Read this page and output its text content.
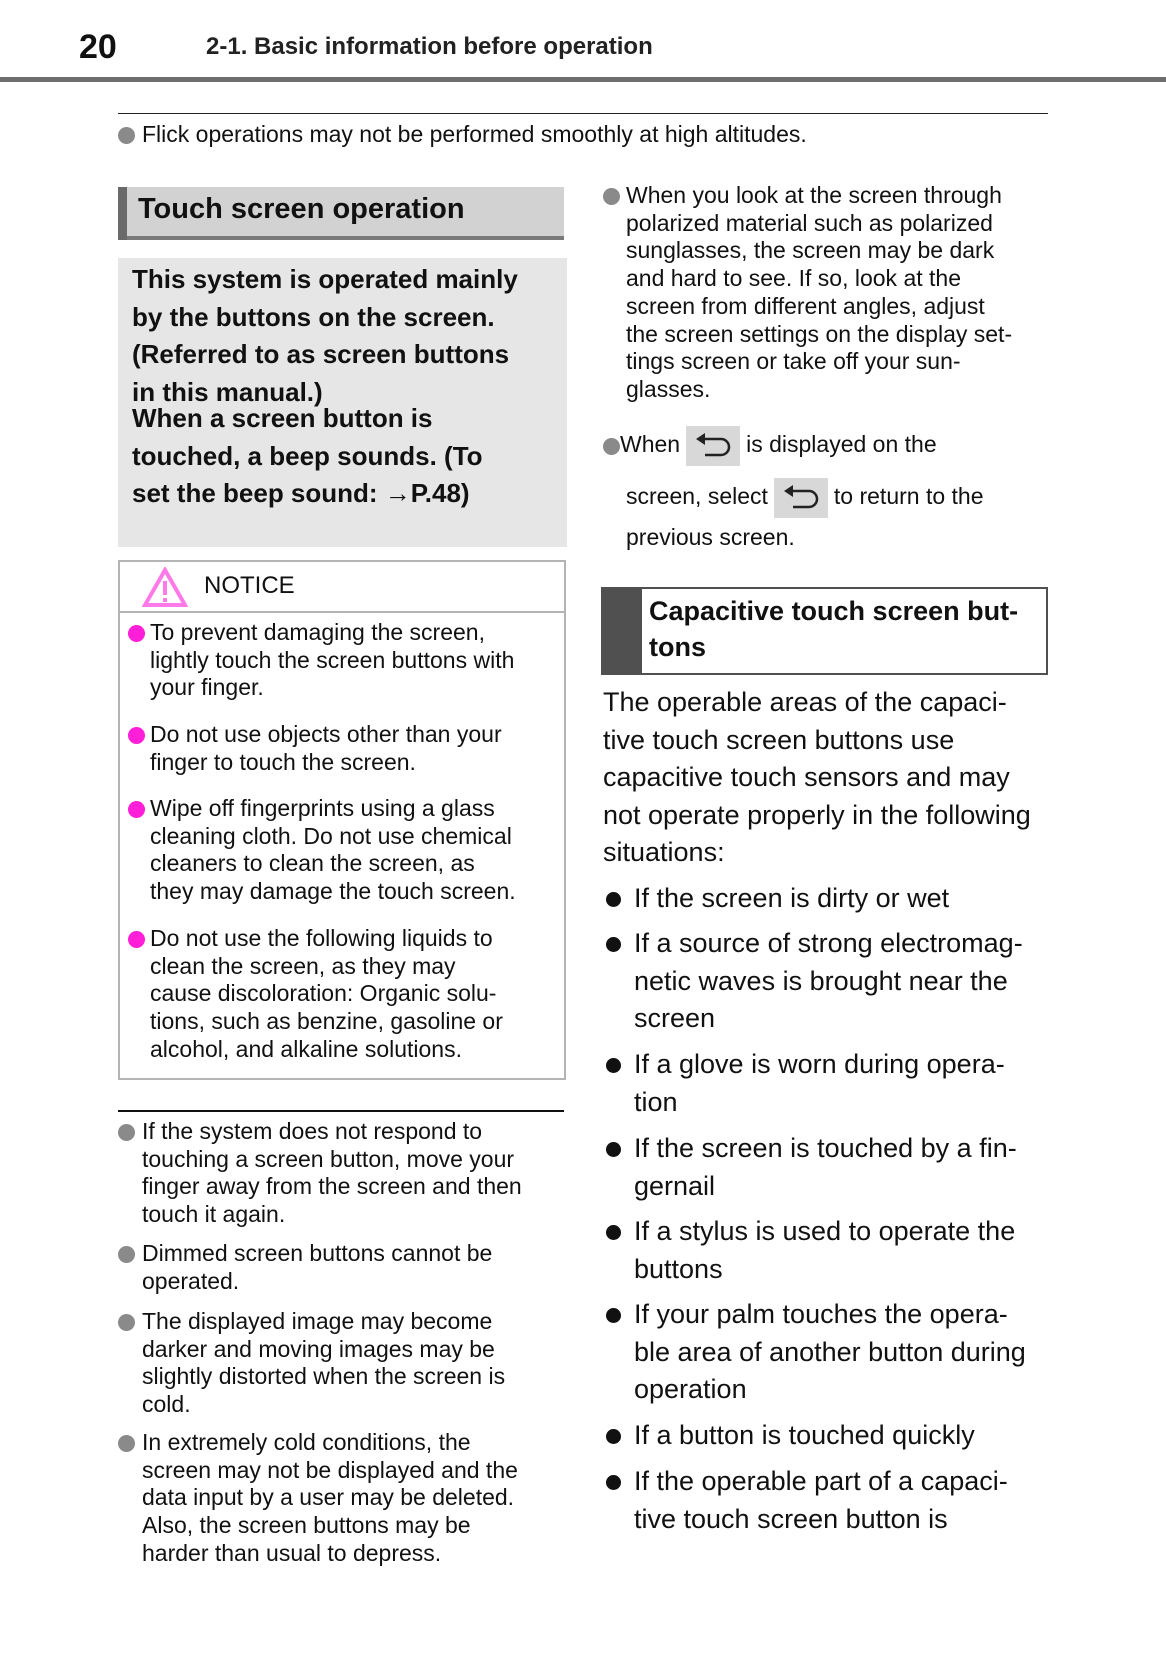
20	2-1. Basic information before operation
Flick operations may not be performed smoothly at high altitudes.
Touch screen operation
This system is operated mainly
by the buttons on the screen.
(Referred to as screen buttons
in this manual.)
When a screen button is
touched, a beep sounds. (To
set the beep sound: →P.48)
NOTICE
To prevent damaging the screen,
lightly touch the screen buttons with
your finger.
Do not use objects other than your
finger to touch the screen.
Wipe off fingerprints using a glass
cleaning cloth. Do not use chemical
cleaners to clean the screen, as
they may damage the touch screen.
Do not use the following liquids to
clean the screen, as they may
cause discoloration: Organic solu-
tions, such as benzine, gasoline or
alcohol, and alkaline solutions.
If the system does not respond to
touching a screen button, move your
finger away from the screen and then
touch it again.
Dimmed screen buttons cannot be
operated.
The displayed image may become
darker and moving images may be
slightly distorted when the screen is
cold.
In extremely cold conditions, the
screen may not be displayed and the
data input by a user may be deleted.
Also, the screen buttons may be
harder than usual to depress.
When you look at the screen through
polarized material such as polarized
sunglasses, the screen may be dark
and hard to see. If so, look at the
screen from different angles, adjust
the screen settings on the display set-
tings screen or take off your sun-
glasses.
When	is displayed on the
screen, select	to return to the
previous screen.
Capacitive touch screen but-
tons
The operable areas of the capaci-
tive touch screen buttons use
capacitive touch sensors and may
not operate properly in the following
situations:
If the screen is dirty or wet
If a source of strong electromag-
netic waves is brought near the
screen
If a glove is worn during opera-
tion
If the screen is touched by a fin-
gernail
If a stylus is used to operate the
buttons
If your palm touches the opera-
ble area of another button during
operation
If a button is touched quickly
If the operable part of a capaci-
tive touch screen button is
